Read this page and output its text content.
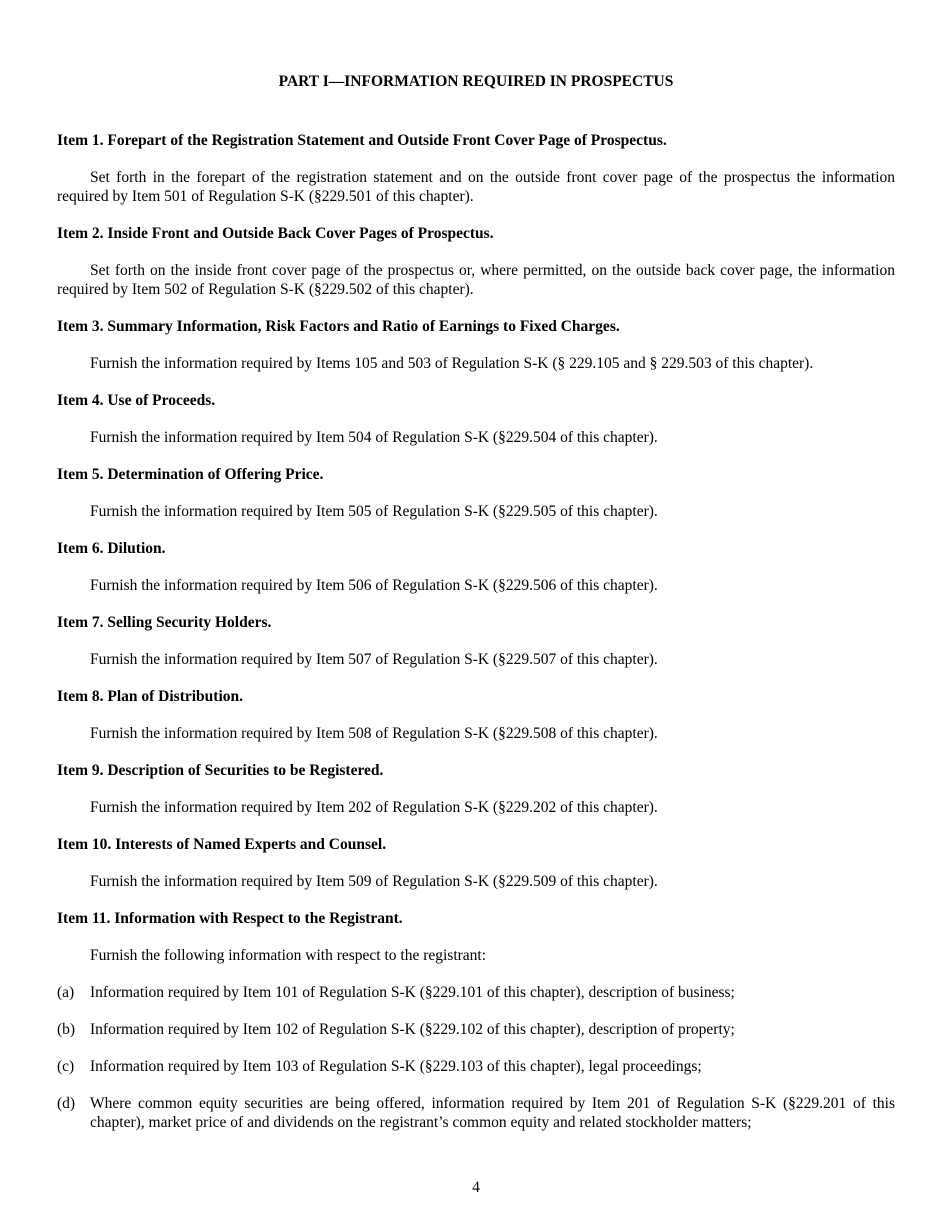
PART I—INFORMATION REQUIRED IN PROSPECTUS
Item 1. Forepart of the Registration Statement and Outside Front Cover Page of Prospectus.

Set forth in the forepart of the registration statement and on the outside front cover page of the prospectus the information required by Item 501 of Regulation S-K (§229.501 of this chapter).

Item 2. Inside Front and Outside Back Cover Pages of Prospectus.

Set forth on the inside front cover page of the prospectus or, where permitted, on the outside back cover page, the information required by Item 502 of Regulation S-K (§229.502 of this chapter).

Item 3. Summary Information, Risk Factors and Ratio of Earnings to Fixed Charges.

Furnish the information required by Items 105 and 503 of Regulation S-K (§ 229.105 and § 229.503 of this chapter).

Item 4. Use of Proceeds.

Furnish the information required by Item 504 of Regulation S-K (§229.504 of this chapter).

Item 5. Determination of Offering Price.

Furnish the information required by Item 505 of Regulation S-K (§229.505 of this chapter).

Item 6. Dilution.

Furnish the information required by Item 506 of Regulation S-K (§229.506 of this chapter).

Item 7. Selling Security Holders.

Furnish the information required by Item 507 of Regulation S-K (§229.507 of this chapter).

Item 8. Plan of Distribution.

Furnish the information required by Item 508 of Regulation S-K (§229.508 of this chapter).

Item 9. Description of Securities to be Registered.

Furnish the information required by Item 202 of Regulation S-K (§229.202 of this chapter).

Item 10. Interests of Named Experts and Counsel.

Furnish the information required by Item 509 of Regulation S-K (§229.509 of this chapter).

Item 11. Information with Respect to the Registrant.

Furnish the following information with respect to the registrant:

(a) Information required by Item 101 of Regulation S-K (§229.101 of this chapter), description of business;
(b) Information required by Item 102 of Regulation S-K (§229.102 of this chapter), description of property;
(c) Information required by Item 103 of Regulation S-K (§229.103 of this chapter), legal proceedings;
(d) Where common equity securities are being offered, information required by Item 201 of Regulation S-K (§229.201 of this chapter), market price of and dividends on the registrant’s common equity and related stockholder matters;
4
